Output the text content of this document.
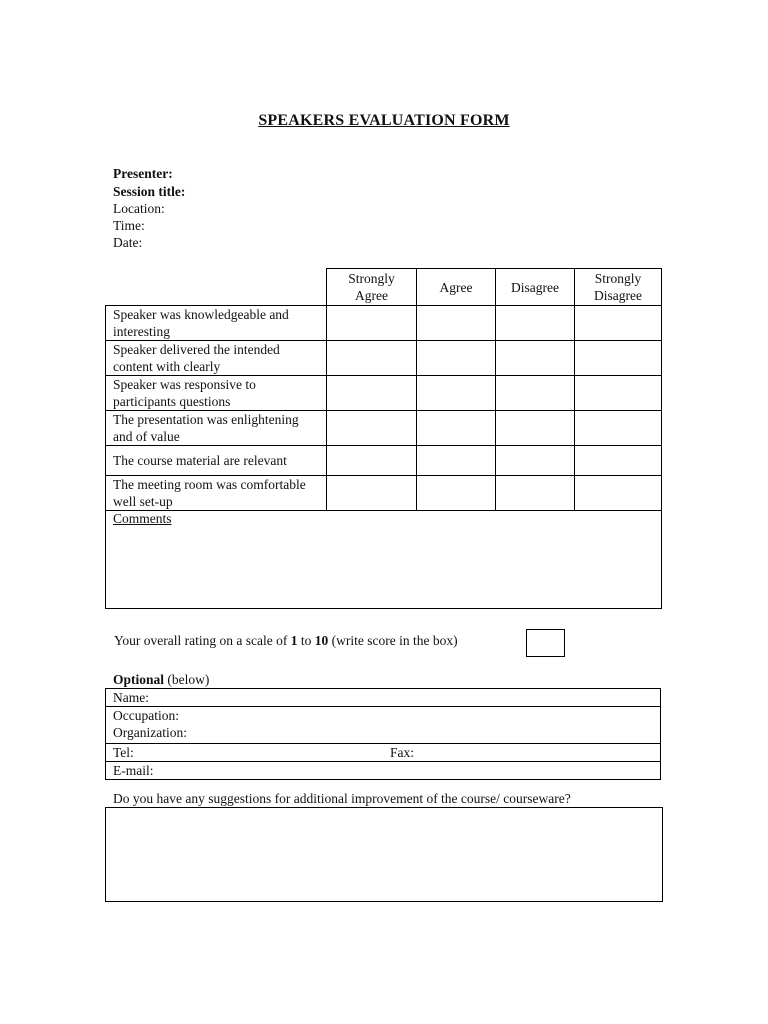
SPEAKERS EVALUATION FORM
Presenter:
Session title:
Location:
Time:
Date:
	Strongly Agree	Agree	Disagree	Strongly Disagree
Speaker was knowledgeable and interesting				
Speaker delivered the intended content with clearly				
Speaker was responsive to participants questions				
The presentation was enlightening and of value				
The course material are relevant				
The meeting room was comfortable well set-up				
Comments
Your overall rating on a scale of 1 to 10 (write score in the box)
Optional (below)
Name:
Occupation:
Organization:
Tel:	Fax:
E-mail:
Do you have any suggestions for additional improvement of the course/ courseware?
